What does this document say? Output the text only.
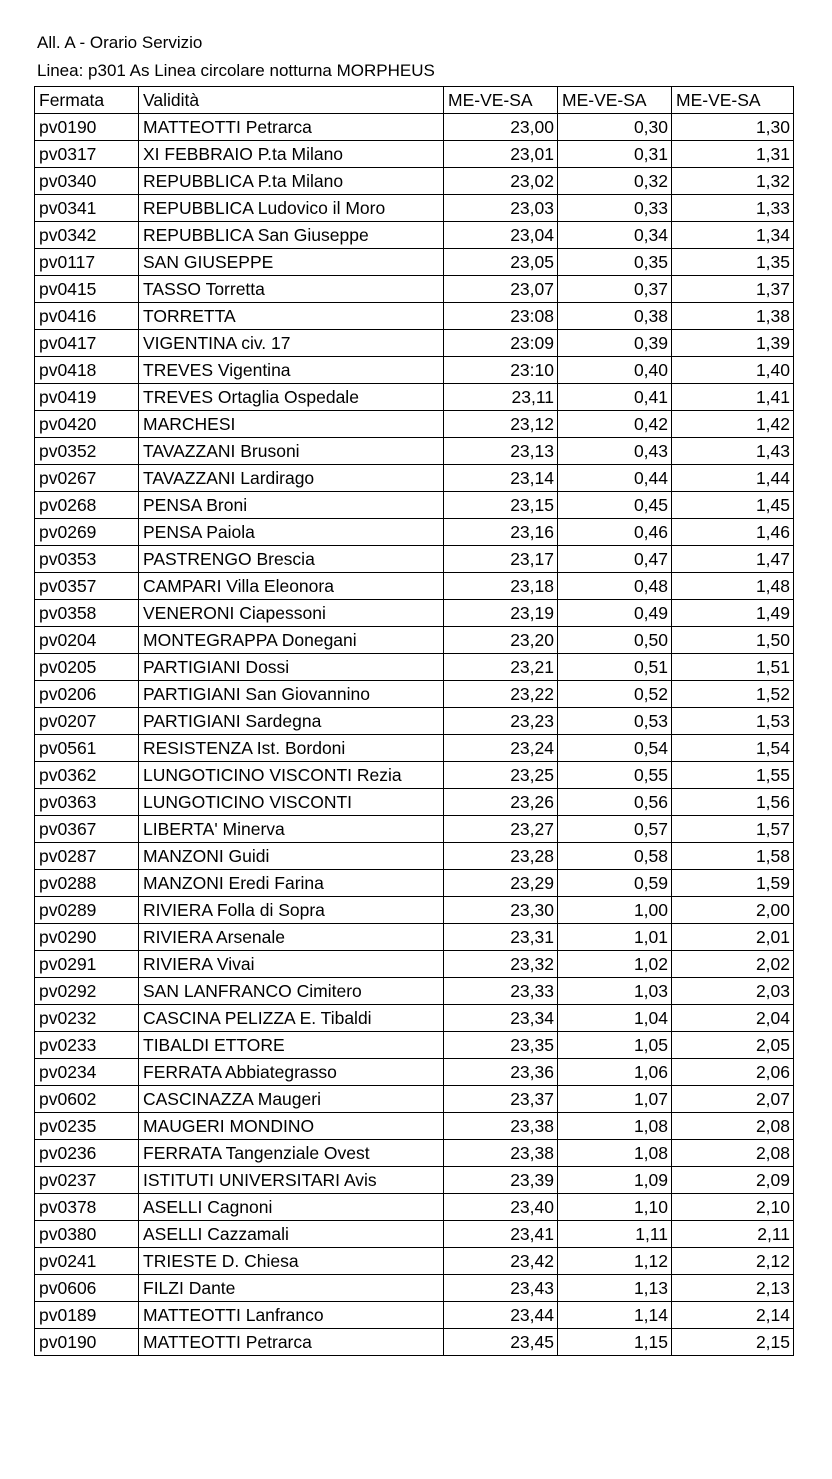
All. A - Orario Servizio
Linea: p301 As Linea circolare notturna MORPHEUS
Fermata	Validità	ME-VE-SA	ME-VE-SA	ME-VE-SA
pv0190	MATTEOTTI Petrarca	23,00	0,30	1,30
pv0317	XI FEBBRAIO P.ta Milano	23,01	0,31	1,31
pv0340	REPUBBLICA P.ta Milano	23,02	0,32	1,32
pv0341	REPUBBLICA Ludovico il Moro	23,03	0,33	1,33
pv0342	REPUBBLICA San Giuseppe	23,04	0,34	1,34
pv0117	SAN GIUSEPPE	23,05	0,35	1,35
pv0415	TASSO Torretta	23,07	0,37	1,37
pv0416	TORRETTA	23:08	0,38	1,38
pv0417	VIGENTINA civ. 17	23:09	0,39	1,39
pv0418	TREVES Vigentina	23:10	0,40	1,40
pv0419	TREVES Ortaglia Ospedale	23,11	0,41	1,41
pv0420	MARCHESI	23,12	0,42	1,42
pv0352	TAVAZZANI Brusoni	23,13	0,43	1,43
pv0267	TAVAZZANI Lardirago	23,14	0,44	1,44
pv0268	PENSA Broni	23,15	0,45	1,45
pv0269	PENSA Paiola	23,16	0,46	1,46
pv0353	PASTRENGO Brescia	23,17	0,47	1,47
pv0357	CAMPARI Villa Eleonora	23,18	0,48	1,48
pv0358	VENERONI Ciapessoni	23,19	0,49	1,49
pv0204	MONTEGRAPPA Donegani	23,20	0,50	1,50
pv0205	PARTIGIANI Dossi	23,21	0,51	1,51
pv0206	PARTIGIANI San Giovannino	23,22	0,52	1,52
pv0207	PARTIGIANI Sardegna	23,23	0,53	1,53
pv0561	RESISTENZA Ist. Bordoni	23,24	0,54	1,54
pv0362	LUNGOTICINO VISCONTI Rezia	23,25	0,55	1,55
pv0363	LUNGOTICINO VISCONTI	23,26	0,56	1,56
pv0367	LIBERTA' Minerva	23,27	0,57	1,57
pv0287	MANZONI Guidi	23,28	0,58	1,58
pv0288	MANZONI Eredi Farina	23,29	0,59	1,59
pv0289	RIVIERA Folla di Sopra	23,30	1,00	2,00
pv0290	RIVIERA Arsenale	23,31	1,01	2,01
pv0291	RIVIERA Vivai	23,32	1,02	2,02
pv0292	SAN LANFRANCO Cimitero	23,33	1,03	2,03
pv0232	CASCINA PELIZZA E. Tibaldi	23,34	1,04	2,04
pv0233	TIBALDI ETTORE	23,35	1,05	2,05
pv0234	FERRATA Abbiategrasso	23,36	1,06	2,06
pv0602	CASCINAZZA Maugeri	23,37	1,07	2,07
pv0235	MAUGERI MONDINO	23,38	1,08	2,08
pv0236	FERRATA Tangenziale Ovest	23,38	1,08	2,08
pv0237	ISTITUTI UNIVERSITARI Avis	23,39	1,09	2,09
pv0378	ASELLI Cagnoni	23,40	1,10	2,10
pv0380	ASELLI Cazzamali	23,41	1,11	2,11
pv0241	TRIESTE D. Chiesa	23,42	1,12	2,12
pv0606	FILZI Dante	23,43	1,13	2,13
pv0189	MATTEOTTI Lanfranco	23,44	1,14	2,14
pv0190	MATTEOTTI Petrarca	23,45	1,15	2,15
